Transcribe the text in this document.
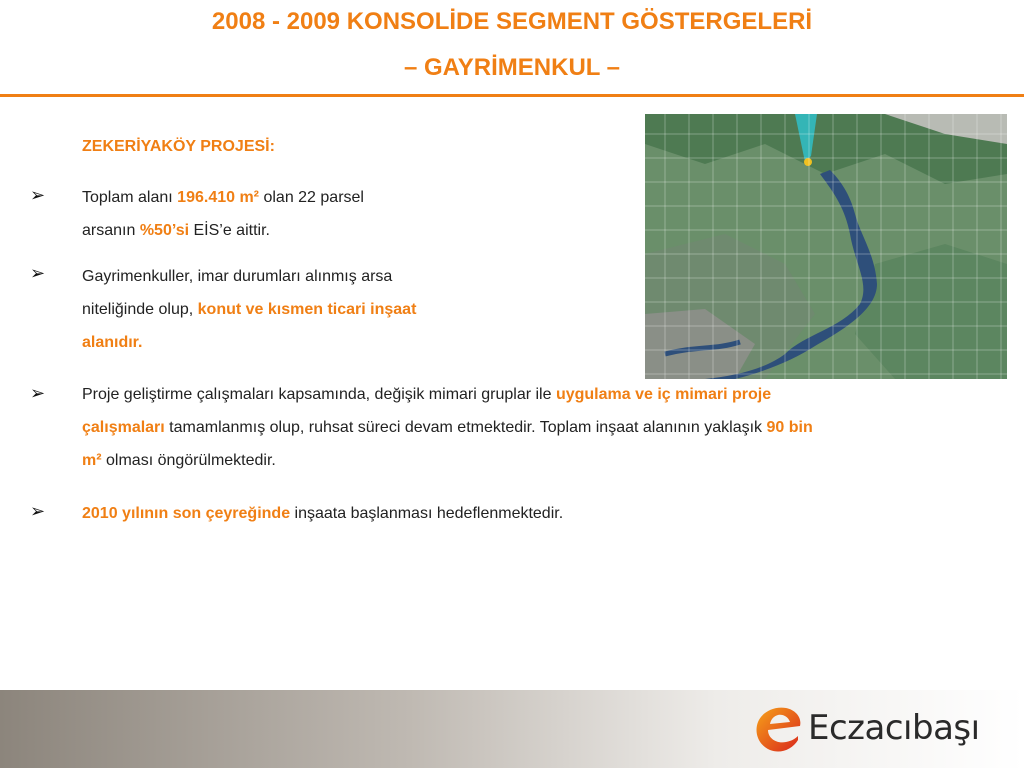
2008 - 2009 KONSOLİDE SEGMENT GÖSTERGELERİ
– GAYRİMENKUL –
ZEKERİYAKÖY PROJESİ:
➢ Toplam alanı 196.410 m² olan 22 parsel
arsanın %50’si EİS’e aittir.
➢ Gayrimenkuller, imar durumları alınmış arsa
niteliğinde olup, konut ve kısmen ticari inşaat
alanıdır.
➢ Proje geliştirme çalışmaları kapsamında, değişik mimari gruplar ile uygulama ve iç mimari proje
çalışmaları tamamlanmış olup, ruhsat süreci devam etmektedir. Toplam inşaat alanının yaklaşık 90 bin
m² olması öngörülmektedir.
➢ 2010 yılının son çeyreğinde inşaata başlanması hedeflenmektedir.
Eczacıbaşı
